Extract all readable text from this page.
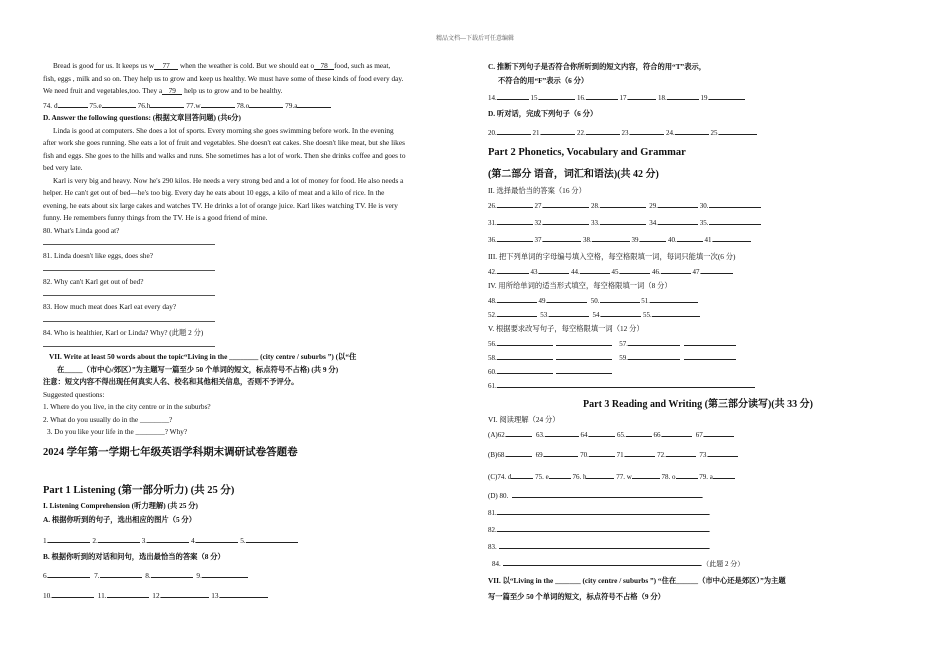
精品文档---下载后可任意编辑
Bread is good for us. It keeps us w 77 when the weather is cold. But we should eat o 78 food, such as meat,
fish, eggs , milk and so on. They help us to grow and keep us healthy. We must have some of these kinds of food every day.
We need fruit and vegetables,too. They a 79 help us to grow and to be healthy.
74. d	75.e	76.h	77.w	78.o	79.a
D. Answer the following questions: (根据文章回答问题) (共6分)
Linda is good at computers. She does a lot of sports. Every morning she goes swimming before work. In the evening
after work she goes running. She eats a lot of fruit and vegetables. She doesn't eat cakes. She doesn't like meat, but she likes
fish and eggs. She goes to the hills and walks and runs. She sometimes has a lot of work. Then she drinks coffee and goes to
bed very late.
Karl is very big and heavy. Now he's 290 kilos. He needs a very strong bed and a lot of money for food. He also needs a
helper. He can't get out of bed—he's too big. Every day he eats about 10 eggs, a kilo of meat and a kilo of rice. In the
evening, he eats about six large cakes and watches TV. He drinks a lot of orange juice. Karl likes watching TV. He is very
funny. He remembers funny things from the TV. He is a good friend of mine.
80. What's Linda good at?
81. Linda doesn't like eggs, does she?
82. Why can't Karl get out of bed?
83. How much meat does Karl eat every day?
84. Who is healthier, Karl or Linda? Why? (此题 2 分)
VII. Write at least 50 words about the topic“Living in the ________ (city centre / suburbs ”) (以“住
在_____（市中心/郊区）”为主题写一篇至少 50 个单词的短文，标点符号不占格) (共 9 分)
注意：短文内容不得出现任何真实人名、校名和其他相关信息，否则不予评分。
Suggested questions:
1. Where do you live, in the city centre or in the suburbs?
2. What do you usually do in the ________?
3. Do you like your life in the ________? Why?
2024 学年第一学期七年级英语学科期末调研试卷答题卷
Part 1 Listening (第一部分听力) (共 25 分)
I. Listening Comprehension (听力理解) (共 25 分)
A. 根据你听到的句子，选出相应的图片（5 分）
1.	2.	3.	4.	5.
B. 根据你听到的对话和问句，选出最恰当的答案（8 分）
6.	7.	8.	9.
10.	11.	12.	13.
C. 推断下列句子是否符合你所听到的短文内容，符合的用“T”表示，
不符合的用“F”表示（6 分）
14.	15.	16.	17.	18.	19.
D. 听对话，完成下列句子（6 分）
20.	21.	22.	23.	24.	25.
Part 2 Phonetics, Vocabulary and Grammar
(第二部分 语音，词汇和语法)(共 42 分)
II. 选择最恰当的答案（16 分）
26.	27.	28.	29.	30.
31.	32.	33.	34.	35.
36.	37.	38.	39.	40.	41.
III. 把下列单词的字母编号填入空格，每空格限填一词，每词只能填一次(6 分)
42.	43.	44.	45.	46.	47.
IV. 用所给单词的适当形式填空，每空格限填一词（8 分）
48.	49.	50.	51.
52.	53.	54.	55.
V. 根据要求改写句子，每空格限填一词（12 分）
56.	57.
58.	59.
60.
61.
Part 3 Reading and Writing (第三部分读写)(共 33 分)
VI. 阅读理解（24 分）
(A)62.	63.	64.	65.	66.	67.
(B)68.	69.	70.	71.	72.	73.
(C)74. d	75. e	76. h	77. w	78. o	79. a
(D) 80.	.
81.	.
82.	.
83.	.
84.	.（此题 2 分）
VII. 以“Living in the _______ (city centre / suburbs ”) “住在______（市中心还是郊区）”为主题
写一篇至少 50 个单词的短文，标点符号不占格（9 分）
